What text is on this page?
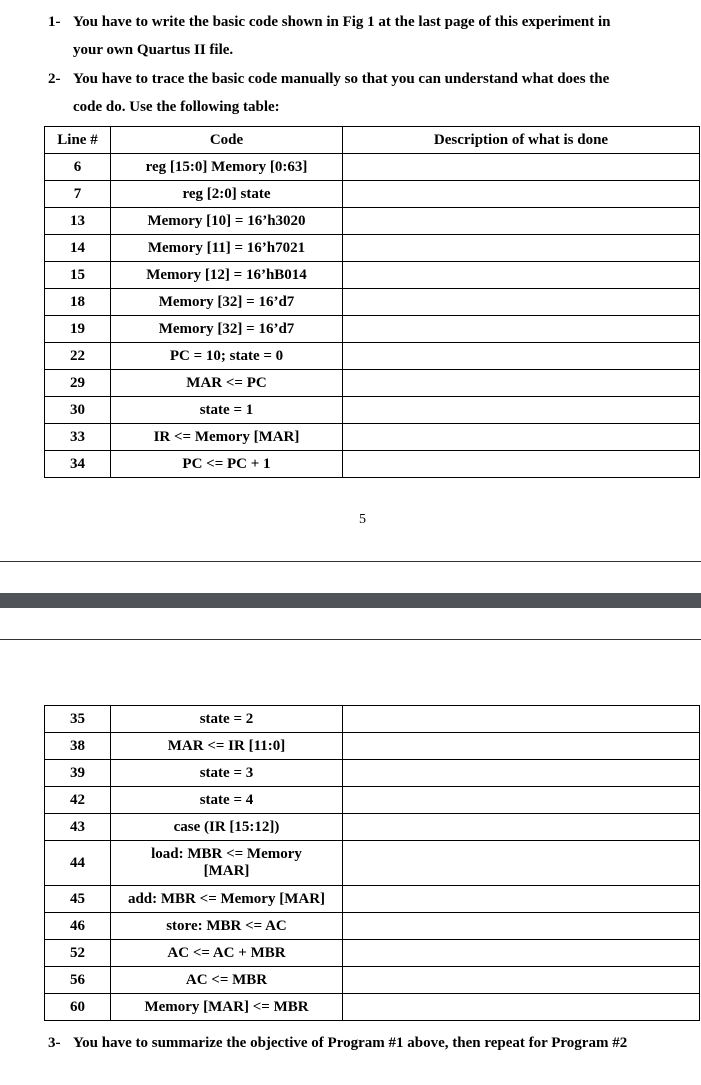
1- You have to write the basic code shown in Fig 1 at the last page of this experiment in
your own Quartus II file.
2- You have to trace the basic code manually so that you can understand what does the
code do. Use the following table:
Line #	Code	Description of what is done
6	reg [15:0] Memory [0:63]	
7	reg [2:0] state	
13	Memory [10] = 16’h3020	
14	Memory [11] = 16’h7021	
15	Memory [12] = 16’hB014	
18	Memory [32] = 16’d7	
19	Memory [32] = 16’d7	
22	PC = 10; state = 0	
29	MAR <= PC	
30	state = 1	
33	IR <= Memory [MAR]	
34	PC <= PC + 1	
5
35	state = 2	
38	MAR <= IR [11:0]	
39	state = 3	
42	state = 4	
43	case (IR [15:12])	
44	load: MBR <= Memory
[MAR]	
45	add: MBR <= Memory [MAR]	
46	store: MBR <= AC	
52	AC <= AC + MBR	
56	AC <= MBR	
60	Memory [MAR] <= MBR	
3- You have to summarize the objective of Program #1 above, then repeat for Program #2
